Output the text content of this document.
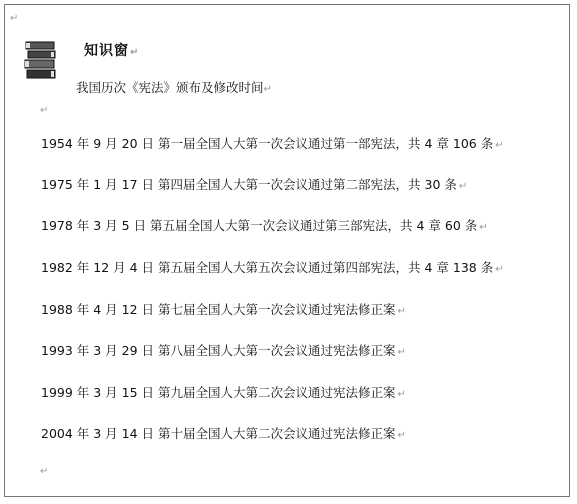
↵
知识窗↵
我国历次《宪法》颁布及修改时间↵
↵
1954 年 9 月 20 日 第一届全国人大第一次会议通过第一部宪法，共 4 章 106 条 ↵
1975 年 1 月 17 日 第四届全国人大第一次会议通过第二部宪法，共 30 条 ↵
1978 年 3 月 5 日 第五届全国人大第一次会议通过第三部宪法，共 4 章 60 条 ↵
1982 年 12 月 4 日 第五届全国人大第五次会议通过第四部宪法，共 4 章 138 条 ↵
1988 年 4 月 12 日 第七届全国人大第一次会议通过宪法修正案 ↵
1993 年 3 月 29 日 第八届全国人大第一次会议通过宪法修正案 ↵
1999 年 3 月 15 日 第九届全国人大第二次会议通过宪法修正案 ↵
2004 年 3 月 14 日 第十届全国人大第二次会议通过宪法修正案 ↵
↵
